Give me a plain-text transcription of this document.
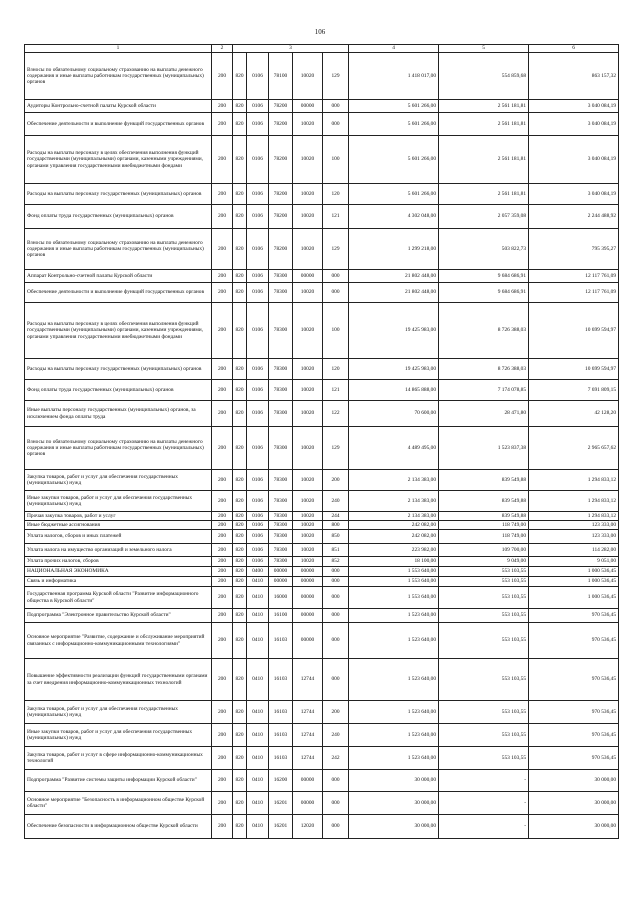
106
1	2	3					4	5	6
Взносы по обязательному социальному страхованию на выплаты денежного содержания и иные выплаты работникам государственных (муниципальных) органов	200	820	0106	78100	10020	129	1 418 017,00	554 859,68	863 157,32
Аудиторы Контрольно-счетной палаты Курской области	200	820	0106	78200	00000	000	5 601 266,00	2 561 181,81	3 040 084,19
Обеспечение деятельности и выполнение функций государственных органов	200	820	0106	78200	10020	000	5 601 266,00	2 561 181,81	3 040 084,19
Расходы на выплаты персоналу в целях обеспечения выполнения функций государственными (муниципальными) органами, казенными учреждениями, органами управления государственными внебюджетными фондами	200	820	0106	78200	10020	100	5 601 266,00	2 561 181,81	3 040 084,19
Расходы на выплаты персоналу государственных (муниципальных) органов	200	820	0106	78200	10020	120	5 601 266,00	2 561 181,81	3 040 084,19
Фонд оплаты труда государственных (муниципальных) органов	200	820	0106	78200	10020	121	4 302 048,00	2 057 359,08	2 244 488,92
Взносы по обязательному социальному страхованию на выплаты денежного содержания и иные выплаты работникам государственных (муниципальных) органов	200	820	0106	78200	10020	129	1 299 218,00	503 822,73	795 395,27
Аппарат Контрольно-счетной палаты Курской области	200	820	0106	78300	00000	000	21 802 448,00	9 684 686,91	12 117 761,09
Обеспечение деятельности и выполнение функций государственных органов	200	820	0106	78300	10020	000	21 802 448,00	9 684 686,91	12 117 761,09
Расходы на выплаты персоналу в целях обеспечения выполнения функций государственными (муниципальными) органами, казенными учреждениями, органами управления государственными внебюджетными фондами	200	820	0106	78300	10020	100	19 425 983,00	8 726 388,03	10 699 594,97
Расходы на выплаты персоналу государственных (муниципальных) органов	200	820	0106	78300	10020	120	19 425 983,00	8 726 388,03	10 699 594,97
Фонд оплаты труда государственных (муниципальных) органов	200	820	0106	78300	10020	121	14 865 888,00	7 174 078,85	7 691 809,15
Иные выплаты персоналу государственных (муниципальных) органов, за исключением фонда оплаты труда	200	820	0106	78300	10020	122	70 600,00	28 471,80	42 128,20
Взносы по обязательному социальному страхованию на выплаты денежного содержания и иные выплаты работникам государственных (муниципальных) органов	200	820	0106	78300	10020	129	4 489 495,00	1 523 837,38	2 965 657,62
Закупка товаров, работ и услуг для обеспечения государственных (муниципальных) нужд	200	820	0106	78300	10020	200	2 134 383,00	839 549,88	1 294 833,12
Иные закупки товаров, работ и услуг для обеспечения государственных (муниципальных) нужд	200	820	0106	78300	10020	240	2 134 383,00	839 549,88	1 294 833,12
Прочая закупка товаров, работ и услуг	200	820	0106	78300	10020	244	2 134 383,00	839 549,88	1 294 833,12
Иные бюджетные ассигнования	200	820	0106	78300	10020	800	242 082,00	118 749,00	123 333,00
Уплата налогов, сборов и иных платежей	200	820	0106	78300	10020	850	242 082,00	118 749,00	123 333,00
Уплата налога на имущество организаций и земельного налога	200	820	0106	78300	10020	851	223 982,00	109 700,00	114 282,00
Уплата прочих налогов, сборов	200	820	0106	78300	10020	852	18 100,00	9 049,00	9 051,00
НАЦИОНАЛЬНАЯ ЭКОНОМИКА	200	820	0400	00000	00000	000	1 553 640,00	553 103,55	1 000 536,45
Связь и информатика	200	820	0410	00000	00000	000	1 553 640,00	553 103,55	1 000 536,45
Государственная программа Курской области "Развитие информационного общества в Курской области"	200	820	0410	16000	00000	000	1 553 640,00	553 103,55	1 000 536,45
Подпрограмма "Электронное правительство Курской области"	200	820	0410	16100	00000	000	1 523 640,00	553 103,55	970 536,45
Основное мероприятие "Развитие, содержание и обслуживание мероприятий связанных с информационно-коммуникационными технологиями"	200	820	0410	16103	00000	000	1 523 640,00	553 103,55	970 536,45
Повышение эффективности реализации функций государственными органами за счет внедрения информационно-коммуникационных технологий	200	820	0410	16103	12744	000	1 523 640,00	553 103,55	970 536,45
Закупка товаров, работ и услуг для обеспечения государственных (муниципальных) нужд	200	820	0410	16103	12744	200	1 523 640,00	553 103,55	970 536,45
Иные закупки товаров, работ и услуг для обеспечения государственных (муниципальных) нужд	200	820	0410	16103	12744	240	1 523 640,00	553 103,55	970 536,45
Закупка товаров, работ и услуг в сфере информационно-коммуникационных технологий	200	820	0410	16103	12744	242	1 523 640,00	553 103,55	970 536,45
Подпрограмма "Развитие системы защиты информации Курской области"	200	820	0410	16200	00000	000	30 000,00	-	30 000,00
Основное мероприятие "Безопасность в информационном обществе Курской области"	200	820	0410	16201	00000	000	30 000,00	-	30 000,00
Обеспечение безопасности в информационном обществе Курской области	200	820	0410	16201	12020	000	30 000,00	-	30 000,00
